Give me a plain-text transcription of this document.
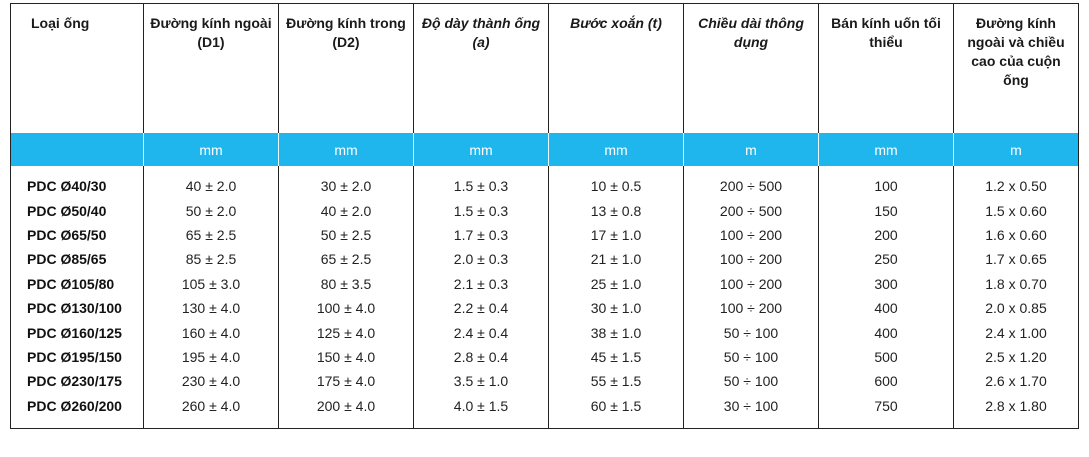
Loại ống	Đường kính ngoài (D1)	Đường kính trong (D2)	Độ dày thành ống (a)	Bước xoắn (t)	Chiều dài thông dụng	Bán kính uốn tối thiểu	Đường kính ngoài và chiều cao của cuộn ống
	mm	mm	mm	mm	m	mm	m

PDC Ø40/30	40 ± 2.0	30 ± 2.0	1.5 ± 0.3	10 ± 0.5	200 ÷ 500	100	1.2 x 0.50
PDC Ø50/40	50 ± 2.0	40 ± 2.0	1.5 ± 0.3	13 ± 0.8	200 ÷ 500	150	1.5 x 0.60
PDC Ø65/50	65 ± 2.5	50 ± 2.5	1.7 ± 0.3	17 ± 1.0	100 ÷ 200	200	1.6 x 0.60
PDC Ø85/65	85 ± 2.5	65 ± 2.5	2.0 ± 0.3	21 ± 1.0	100 ÷ 200	250	1.7 x 0.65
PDC Ø105/80	105 ± 3.0	80 ± 3.5	2.1 ± 0.3	25 ± 1.0	100 ÷ 200	300	1.8 x 0.70
PDC Ø130/100	130 ± 4.0	100 ± 4.0	2.2 ± 0.4	30 ± 1.0	100 ÷ 200	400	2.0 x 0.85
PDC Ø160/125	160 ± 4.0	125 ± 4.0	2.4 ± 0.4	38 ± 1.0	50 ÷ 100	400	2.4 x 1.00
PDC Ø195/150	195 ± 4.0	150 ± 4.0	2.8 ± 0.4	45 ± 1.5	50 ÷ 100	500	2.5 x 1.20
PDC Ø230/175	230 ± 4.0	175 ± 4.0	3.5 ± 1.0	55 ± 1.5	50 ÷ 100	600	2.6 x 1.70
PDC Ø260/200	260 ± 4.0	200 ± 4.0	4.0 ± 1.5	60 ± 1.5	30 ÷ 100	750	2.8 x 1.80
